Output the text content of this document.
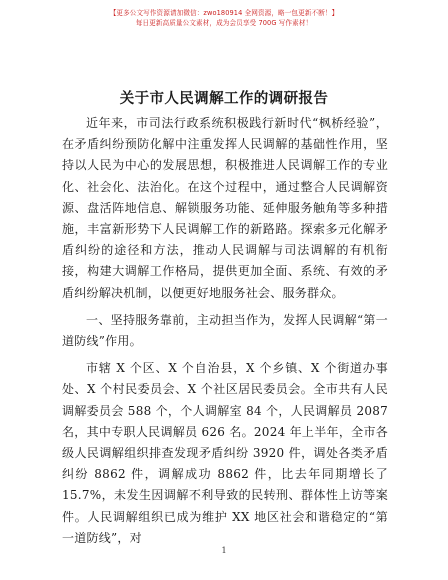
【更多公文写作资源请加微信：zwo180914 全网资源，略一包更新不断！】
每日更新高质量公文素材，成为会员享受 700G 写作素材！
关于市人民调解工作的调研报告

近年来，市司法行政系统积极践行新时代“枫桥经验”，在矛盾纠纷预防化解中注重发挥人民调解的基础性作用，坚持以人民为中心的发展思想，积极推进人民调解工作的专业化、社会化、法治化。在这个过程中，通过整合人民调解资源、盘活阵地信息、解锁服务功能、延伸服务触角等多种措施，丰富新形势下人民调解工作的新路路。探索多元化解矛盾纠纷的途径和方法，推动人民调解与司法调解的有机衔接，构建大调解工作格局，提供更加全面、系统、有效的矛盾纠纷解决机制，以便更好地服务社会、服务群众。

一、坚持服务靠前，主动担当作为，发挥人民调解“第一道防线”作用。

市辖 X 个区、X 个自治县，X 个乡镇、X 个街道办事处、X 个村民委员会、X 个社区居民委员会。全市共有人民调解委员会 588 个，个人调解室 84 个，人民调解员 2087 名，其中专职人民调解员 626 名。2024 年上半年，全市各级人民调解组织排查发现矛盾纠纷 3920 件，调处各类矛盾纠纷 8862 件，调解成功 8862 件，比去年同期增长了 15.7%，未发生因调解不利导致的民转刑、群体性上访等案件。人民调解组织已成为维护 XX 地区社会和谐稳定的“第一道防线”，对

1
